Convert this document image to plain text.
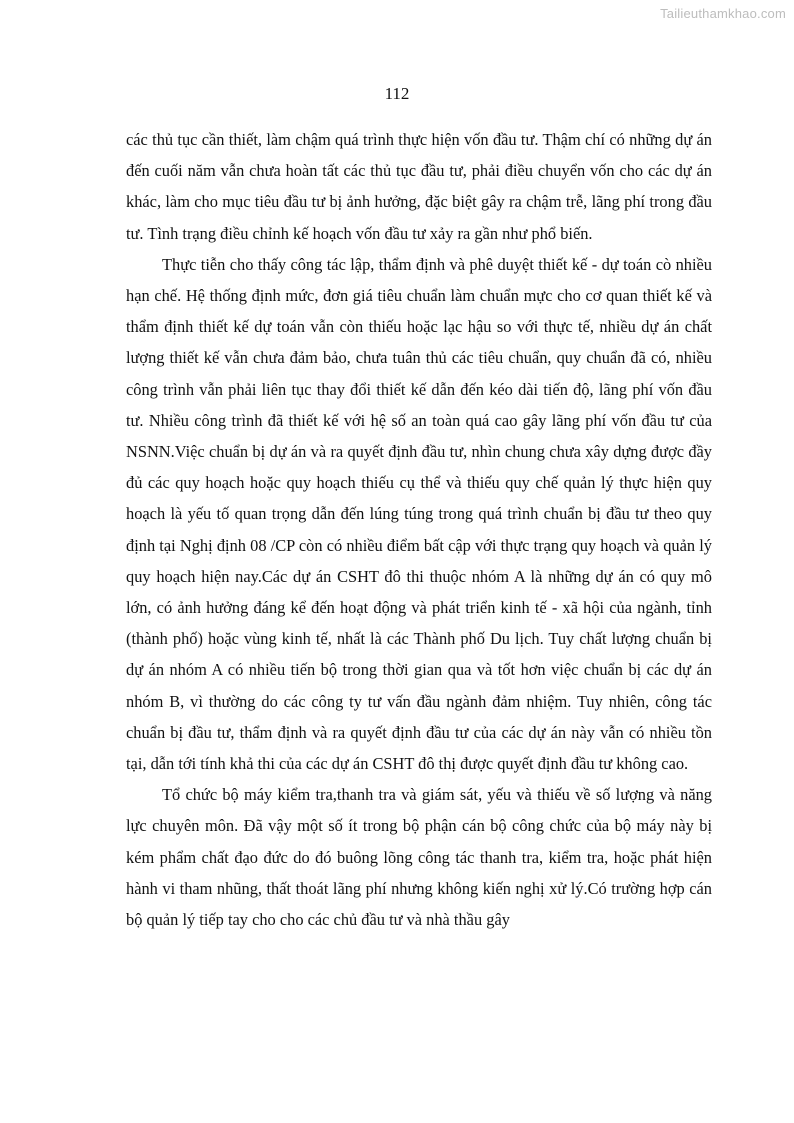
Tailieuthamkhao.com
112

các thủ tục cần thiết, làm chậm quá trình thực hiện vốn đầu tư. Thậm chí có những dự án đến cuối năm vẫn chưa hoàn tất các thủ tục đầu tư, phải điều chuyển vốn cho các dự án khác, làm cho mục tiêu đầu tư bị ảnh hưởng, đặc biệt gây ra chậm trễ, lãng phí trong đầu tư. Tình trạng điều chỉnh kế hoạch vốn đầu tư xảy ra gần như phổ biến.

Thực tiễn cho thấy công tác lập, thẩm định và phê duyệt thiết kế - dự toán cò nhiều hạn chế. Hệ thống định mức, đơn giá tiêu chuẩn làm chuẩn mực cho cơ quan thiết kế và thẩm định thiết kế dự toán vẫn còn thiếu hoặc lạc hậu so với thực tế, nhiều dự án chất lượng thiết kế vẫn chưa đảm bảo, chưa tuân thủ các tiêu chuẩn, quy chuẩn đã có, nhiều công trình vẫn phải liên tục thay đổi thiết kế dẫn đến kéo dài tiến độ, lãng phí vốn đầu tư. Nhiều công trình đã thiết kế với hệ số an toàn quá cao gây lãng phí vốn đầu tư của NSNN.Việc chuẩn bị dự án và ra quyết định đầu tư, nhìn chung chưa xây dựng được đầy đủ các quy hoạch hoặc quy hoạch thiếu cụ thể và thiếu quy chế quản lý thực hiện quy hoạch là yếu tố quan trọng dẫn đến lúng túng trong quá trình chuẩn bị đầu tư theo quy định tại Nghị định 08 /CP còn có nhiều điểm bất cập với thực trạng quy hoạch và quản lý quy hoạch hiện nay.Các dự án CSHT đô thi thuộc nhóm A là những dự án có quy mô lớn, có ảnh hưởng đáng kể đến hoạt động và phát triển kinh tế - xã hội của ngành, tỉnh (thành phố) hoặc vùng kinh tế, nhất là các Thành phố Du lịch. Tuy chất lượng chuẩn bị dự án nhóm A có nhiều tiến bộ trong thời gian qua và tốt hơn việc chuẩn bị các dự án nhóm B, vì thường do các công ty tư vấn đầu ngành đảm nhiệm. Tuy nhiên, công tác chuẩn bị đầu tư, thẩm định và ra quyết định đầu tư của các dự án này vẫn có nhiều tồn tại, dẫn tới tính khả thi của các dự án CSHT đô thị được quyết định đầu tư không cao.

Tổ chức bộ máy kiểm tra,thanh tra và giám sát, yếu và thiếu về số lượng và năng lực chuyên môn. Đã vậy một số ít trong bộ phận cán bộ công chức của bộ máy này bị kém phẩm chất đạo đức do đó buông lõng công tác thanh tra, kiểm tra, hoặc phát hiện hành vi tham nhũng, thất thoát lãng phí nhưng không kiến nghị xử lý.Có trường hợp cán bộ quản lý tiếp tay cho cho các chủ đầu tư và nhà thầu gây
